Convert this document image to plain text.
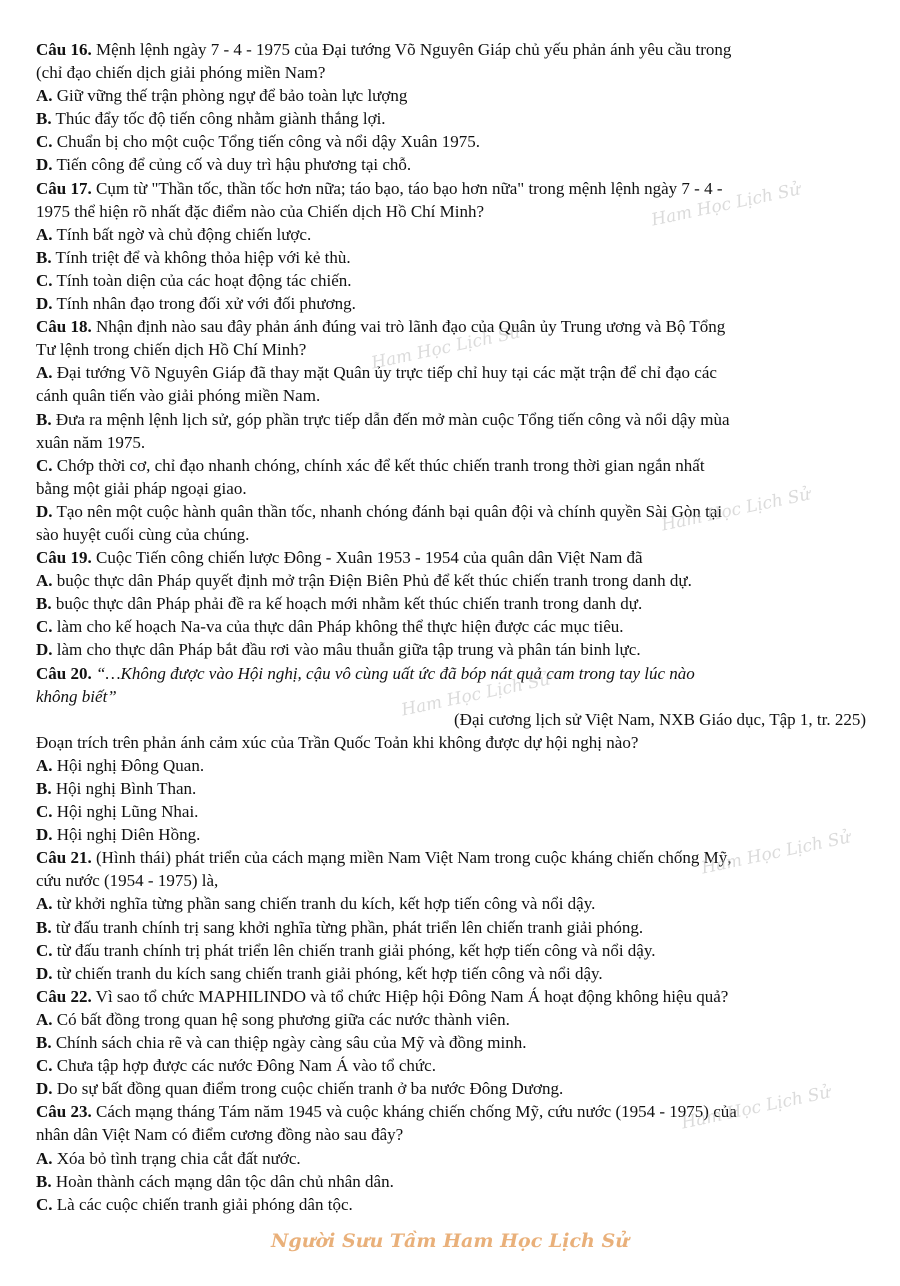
Câu 16. Mệnh lệnh ngày 7 - 4 - 1975 của Đại tướng Võ Nguyên Giáp chủ yếu phản ánh yêu cầu trong
(chỉ đạo chiến dịch giải phóng miền Nam?
A. Giữ vững thế trận phòng ngự để bảo toàn lực lượng
B. Thúc đẩy tốc độ tiến công nhằm giành thắng lợi.
C. Chuẩn bị cho một cuộc Tổng tiến công và nổi dậy Xuân 1975.
D. Tiến công để củng cố và duy trì hậu phương tại chỗ.
Câu 17. Cụm từ "Thần tốc, thần tốc hơn nữa; táo bạo, táo bạo hơn nữa" trong mệnh lệnh ngày 7 - 4 -
1975 thể hiện rõ nhất đặc điểm nào của Chiến dịch Hồ Chí Minh?
A. Tính bất ngờ và chủ động chiến lược.
B. Tính triệt để và không thỏa hiệp với kẻ thù.
C. Tính toàn diện của các hoạt động tác chiến.
D. Tính nhân đạo trong đối xử với đối phương.
Câu 18. Nhận định nào sau đây phản ánh đúng vai trò lãnh đạo của Quân ủy Trung ương và Bộ Tổng
Tư lệnh trong chiến dịch Hồ Chí Minh?
A. Đại tướng Võ Nguyên Giáp đã thay mặt Quân ủy trực tiếp chỉ huy tại các mặt trận để chỉ đạo các
cánh quân tiến vào giải phóng miền Nam.
B. Đưa ra mệnh lệnh lịch sử, góp phần trực tiếp dẫn đến mở màn cuộc Tổng tiến công và nổi dậy mùa
xuân năm 1975.
C. Chớp thời cơ, chỉ đạo nhanh chóng, chính xác để kết thúc chiến tranh trong thời gian ngắn nhất
bằng một giải pháp ngoại giao.
D. Tạo nên một cuộc hành quân thần tốc, nhanh chóng đánh bại quân đội và chính quyền Sài Gòn tại
sào huyệt cuối cùng của chúng.
Câu 19. Cuộc Tiến công chiến lược Đông - Xuân 1953 - 1954 của quân dân Việt Nam đã
A. buộc thực dân Pháp quyết định mở trận Điện Biên Phủ để kết thúc chiến tranh trong danh dự.
B. buộc thực dân Pháp phải đề ra kế hoạch mới nhằm kết thúc chiến tranh trong danh dự.
C. làm cho kế hoạch Na-va của thực dân Pháp không thể thực hiện được các mục tiêu.
D. làm cho thực dân Pháp bắt đầu rơi vào mâu thuẫn giữa tập trung và phân tán binh lực.
Câu 20. “…Không được vào Hội nghị, cậu vô cùng uất ức đã bóp nát quả cam trong tay lúc nào
không biết”
(Đại cương lịch sử Việt Nam, NXB Giáo dục, Tập 1, tr. 225)
Đoạn trích trên phản ánh cảm xúc của Trần Quốc Toản khi không được dự hội nghị nào?
A. Hội nghị Đông Quan.
B. Hội nghị Bình Than.
C. Hội nghị Lũng Nhai.
D. Hội nghị Diên Hồng.
Câu 21. (Hình thái) phát triển của cách mạng miền Nam Việt Nam trong cuộc kháng chiến chống Mỹ,
cứu nước (1954 - 1975) là,
A. từ khởi nghĩa từng phần sang chiến tranh du kích, kết hợp tiến công và nổi dậy.
B. từ đấu tranh chính trị sang khởi nghĩa từng phần, phát triển lên chiến tranh giải phóng.
C. từ đấu tranh chính trị phát triển lên chiến tranh giải phóng, kết hợp tiến công và nổi dậy.
D. từ chiến tranh du kích sang chiến tranh giải phóng, kết hợp tiến công và nổi dậy.
Câu 22. Vì sao tổ chức MAPHILINDO và tổ chức Hiệp hội Đông Nam Á hoạt động không hiệu quả?
A. Có bất đồng trong quan hệ song phương giữa các nước thành viên.
B. Chính sách chia rẽ và can thiệp ngày càng sâu của Mỹ và đồng minh.
C. Chưa tập hợp được các nước Đông Nam Á vào tổ chức.
D. Do sự bất đồng quan điểm trong cuộc chiến tranh ở ba nước Đông Dương.
Câu 23. Cách mạng tháng Tám năm 1945 và cuộc kháng chiến chống Mỹ, cứu nước (1954 - 1975) của
nhân dân Việt Nam có điểm cương đồng nào sau đây?
A. Xóa bỏ tình trạng chia cắt đất nước.
B. Hoàn thành cách mạng dân tộc dân chủ nhân dân.
C. Là các cuộc chiến tranh giải phóng dân tộc.
Ham Học Lịch Sử
Ham Học Lịch Sử
Ham Học Lịch Sử
Ham Học Lịch Sử
Ham Học Lịch Sử
Ham Học Lịch Sử
Người Sưu Tầm Ham Học Lịch Sử
